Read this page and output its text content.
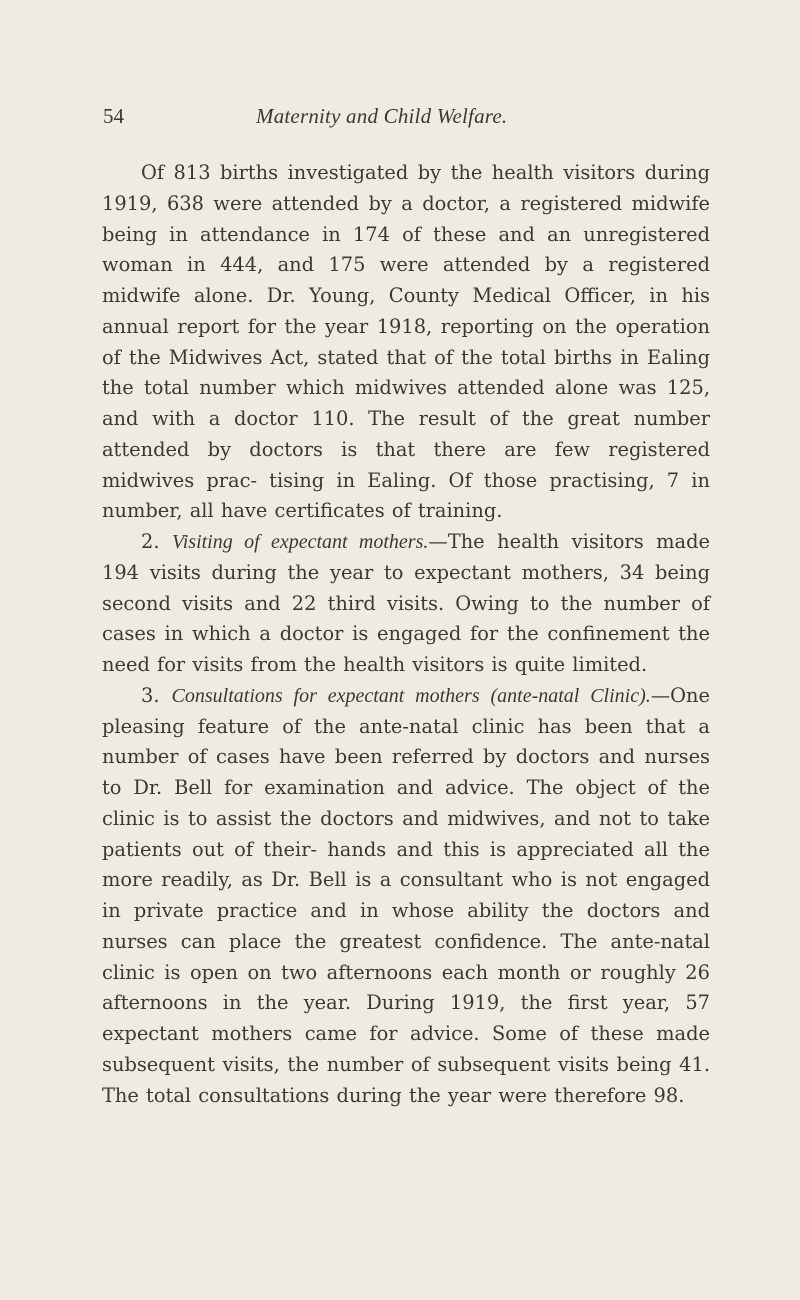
54	Maternity and Child Welfare.

Of 813 births investigated by the health visitors during 1919, 638 were attended by a doctor, a registered midwife being in attendance in 174 of these and an unregistered woman in 444, and 175 were attended by a registered midwife alone. Dr. Young, County Medical Officer, in his annual report for the year 1918, reporting on the operation of the Midwives Act, stated that of the total births in Ealing the total number which midwives attended alone was 125, and with a doctor 110. The result of the great number attended by doctors is that there are few registered midwives prac- tising in Ealing. Of those practising, 7 in number, all have certificates of training.

2. Visiting of expectant mothers.—The health visitors made 194 visits during the year to expectant mothers, 34 being second visits and 22 third visits. Owing to the number of cases in which a doctor is engaged for the confinement the need for visits from the health visitors is quite limited.

3. Consultations for expectant mothers (ante-natal Clinic).—One pleasing feature of the ante-natal clinic has been that a number of cases have been referred by doctors and nurses to Dr. Bell for examination and advice. The object of the clinic is to assist the doctors and midwives, and not to take patients out of their- hands and this is appreciated all the more readily, as Dr. Bell is a consultant who is not engaged in private practice and in whose ability the doctors and nurses can place the greatest confidence. The ante-natal clinic is open on two afternoons each month or roughly 26 afternoons in the year. During 1919, the first year, 57 expectant mothers came for advice. Some of these made subsequent visits, the number of subsequent visits being 41. The total consultations during the year were therefore 98.
